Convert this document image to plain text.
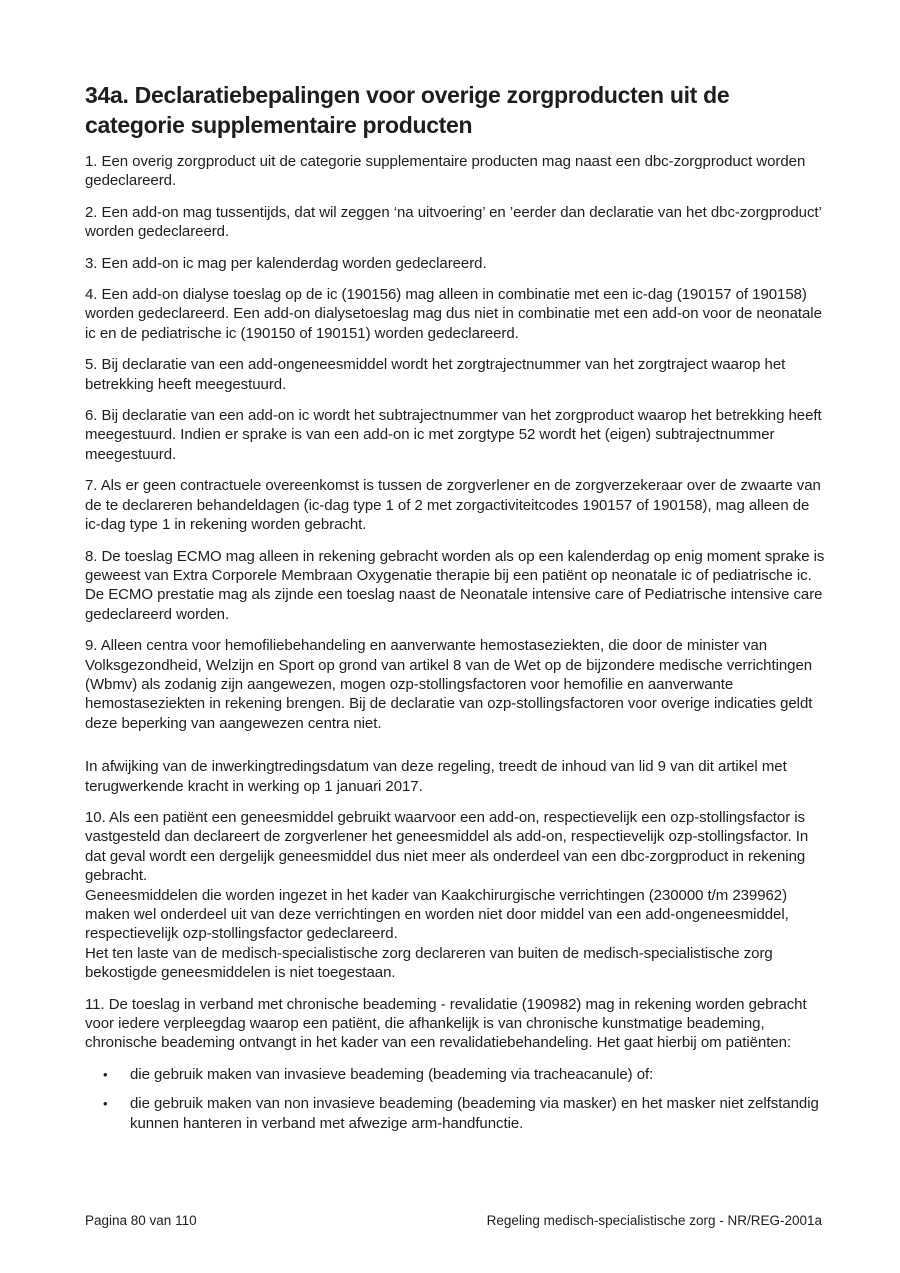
34a. Declaratiebepalingen voor overige zorgproducten uit de categorie supplementaire producten

1. Een overig zorgproduct uit de categorie supplementaire producten mag naast een dbc-zorgproduct worden gedeclareerd.

2. Een add-on mag tussentijds, dat wil zeggen ‘na uitvoering’ en ’eerder dan declaratie van het dbc-zorgproduct’ worden gedeclareerd.

3. Een add-on ic mag per kalenderdag worden gedeclareerd.

4. Een add-on dialyse toeslag op de ic (190156) mag alleen in combinatie met een ic-dag (190157 of 190158) worden gedeclareerd. Een add-on dialysetoeslag mag dus niet in combinatie met een add-on voor de neonatale ic en de pediatrische ic (190150 of 190151) worden gedeclareerd.

5. Bij declaratie van een add-ongeneesmiddel wordt het zorgtrajectnummer van het zorgtraject waarop het betrekking heeft meegestuurd.

6. Bij declaratie van een add-on ic wordt het subtrajectnummer van het zorgproduct waarop het betrekking heeft meegestuurd. Indien er sprake is van een add-on ic met zorgtype 52 wordt het (eigen) subtrajectnummer meegestuurd.

7. Als er geen contractuele overeenkomst is tussen de zorgverlener en de zorgverzekeraar over de zwaarte van de te declareren behandeldagen (ic-dag type 1 of 2 met zorgactiviteitcodes 190157 of 190158), mag alleen de ic-dag type 1 in rekening worden gebracht.

8. De toeslag ECMO mag alleen in rekening gebracht worden als op een kalenderdag op enig moment sprake is geweest van Extra Corporele Membraan Oxygenatie therapie bij een patiënt op neonatale ic of pediatrische ic. De ECMO prestatie mag als zijnde een toeslag naast de Neonatale intensive care of Pediatrische intensive care gedeclareerd worden.

9. Alleen centra voor hemofiliebehandeling en aanverwante hemostaseziekten, die door de minister van Volksgezondheid, Welzijn en Sport op grond van artikel 8 van de Wet op de bijzondere medische verrichtingen (Wbmv) als zodanig zijn aangewezen, mogen ozp-stollingsfactoren voor hemofilie en aanverwante hemostaseziekten in rekening brengen. Bij de declaratie van ozp-stollingsfactoren voor overige indicaties geldt deze beperking van aangewezen centra niet.

In afwijking van de inwerkingtredingsdatum van deze regeling, treedt de inhoud van lid 9 van dit artikel met terugwerkende kracht in werking op 1 januari 2017.

10. Als een patiënt een geneesmiddel gebruikt waarvoor een add-on, respectievelijk een ozp-stollingsfactor is vastgesteld dan declareert de zorgverlener het geneesmiddel als add-on, respectievelijk ozp-stollingsfactor. In dat geval wordt een dergelijk geneesmiddel dus niet meer als onderdeel van een dbc-zorgproduct in rekening gebracht.

Geneesmiddelen die worden ingezet in het kader van Kaakchirurgische verrichtingen (230000 t/m 239962) maken wel onderdeel uit van deze verrichtingen en worden niet door middel van een add-ongeneesmiddel, respectievelijk ozp-stollingsfactor gedeclareerd.

Het ten laste van de medisch-specialistische zorg declareren van buiten de medisch-specialistische zorg bekostigde geneesmiddelen is niet toegestaan.

11. De toeslag in verband met chronische beademing - revalidatie (190982) mag in rekening worden gebracht voor iedere verpleegdag waarop een patiënt, die afhankelijk is van chronische kunstmatige beademing, chronische beademing ontvangt in het kader van een revalidatiebehandeling. Het gaat hierbij om patiënten:

• die gebruik maken van invasieve beademing (beademing via tracheacanule) of:
• die gebruik maken van non invasieve beademing (beademing via masker) en het masker niet zelfstandig kunnen hanteren in verband met afwezige arm-handfunctie.
Pagina 80 van 110	Regeling medisch-specialistische zorg - NR/REG-2001a
